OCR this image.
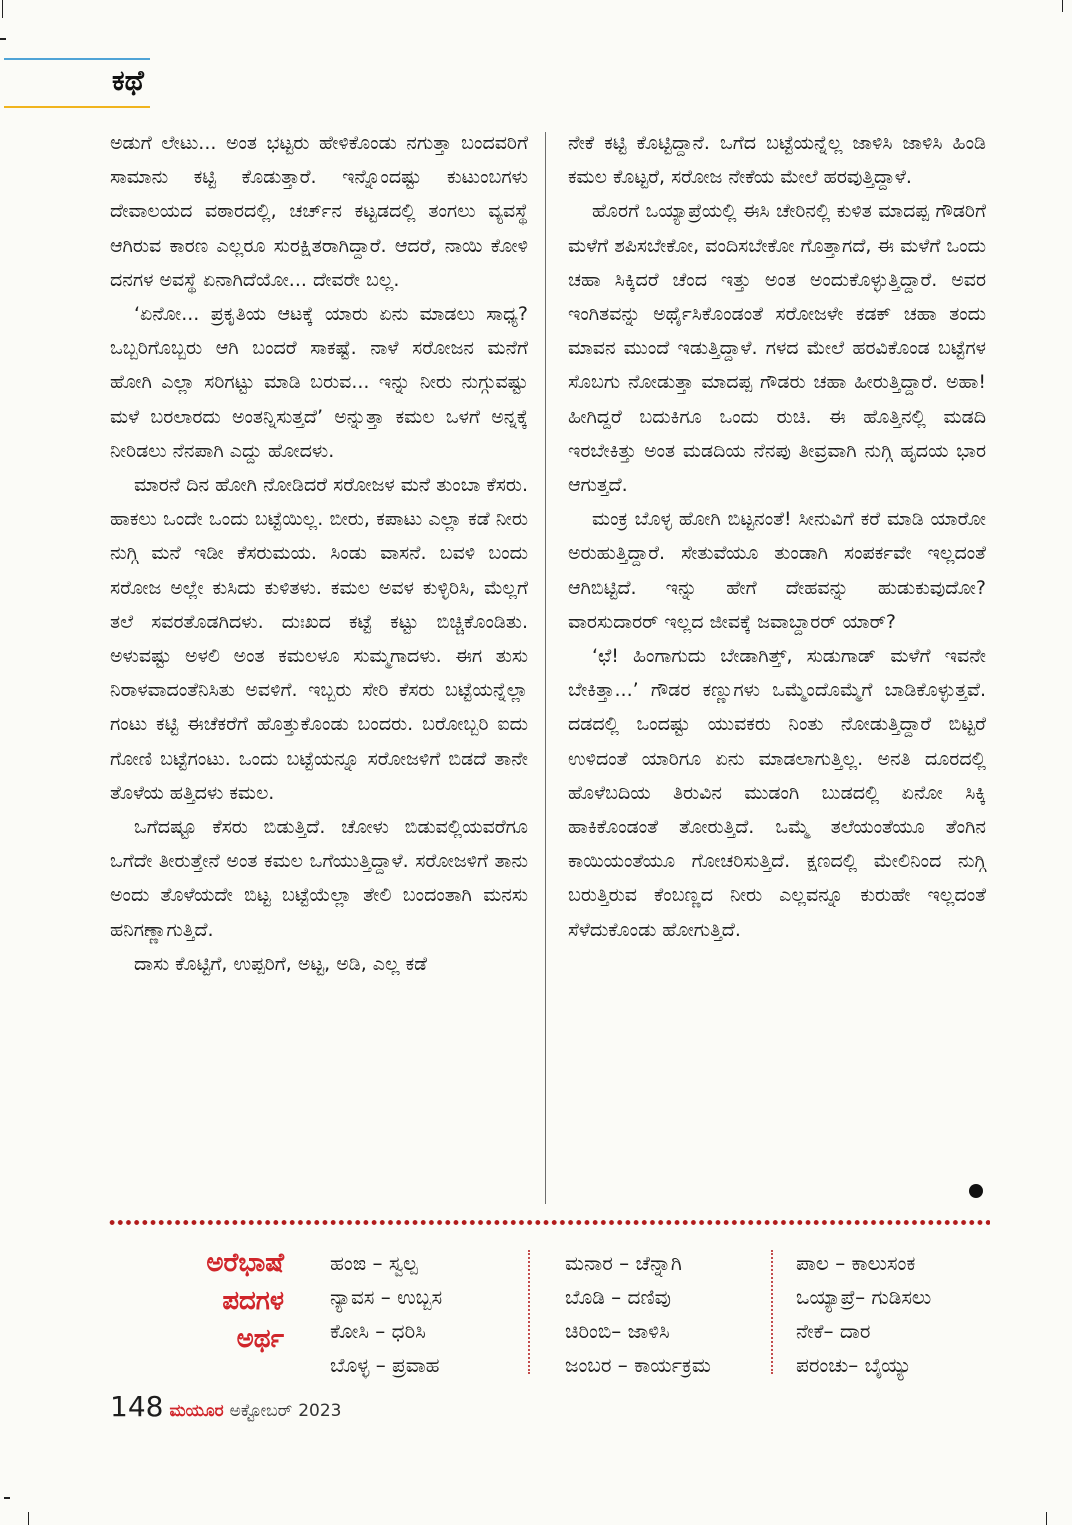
ಕಥೆ

ಅಡುಗೆ ಲೇಟು... ಅಂತ ಭಟ್ಟರು ಹೇಳಿಕೊಂಡು ನಗುತ್ತಾ ಬಂದವರಿಗೆ ಸಾಮಾನು ಕಟ್ಟಿ ಕೊಡುತ್ತಾರೆ. ಇನ್ನೊಂದಷ್ಟು ಕುಟುಂಬಗಳು ದೇವಾಲಯದ ವಠಾರದಲ್ಲಿ, ಚರ್ಚ್‌ನ ಕಟ್ಟಡದಲ್ಲಿ ತಂಗಲು ವ್ಯವಸ್ಥೆ ಆಗಿರುವ ಕಾರಣ ಎಲ್ಲರೂ ಸುರಕ್ಷಿತರಾಗಿದ್ದಾರೆ. ಆದರೆ, ನಾಯಿ ಕೋಳಿ ದನಗಳ ಅವಸ್ಥೆ ಏನಾಗಿದೆಯೋ... ದೇವರೇ ಬಲ್ಲ.

‘ಏನೋ... ಪ್ರಕೃತಿಯ ಆಟಕ್ಕೆ ಯಾರು ಏನು ಮಾಡಲು ಸಾಧ್ಯ? ಒಬ್ಬರಿಗೊಬ್ಬರು ಆಗಿ ಬಂದರೆ ಸಾಕಷ್ಟೆ. ನಾಳೆ ಸರೋಜನ ಮನೆಗೆ ಹೋಗಿ ಎಲ್ಲಾ ಸರಿಗಟ್ಟು ಮಾಡಿ ಬರುವ... ಇನ್ನು ನೀರು ನುಗ್ಗುವಷ್ಟು ಮಳೆ ಬರಲಾರದು ಅಂತನ್ನಿಸುತ್ತದೆ’ ಅನ್ನುತ್ತಾ ಕಮಲ ಒಳಗೆ ಅನ್ನಕ್ಕೆ ನೀರಿಡಲು ನೆನಪಾಗಿ ಎದ್ದು ಹೋದಳು.

ಮಾರನೆ ದಿನ ಹೋಗಿ ನೋಡಿದರೆ ಸರೋಜಳ ಮನೆ ತುಂಬಾ ಕೆಸರು. ಹಾಕಲು ಒಂದೇ ಒಂದು ಬಟ್ಟೆಯಿಲ್ಲ. ಬೀರು, ಕಪಾಟು ಎಲ್ಲಾ ಕಡೆ ನೀರು ನುಗ್ಗಿ ಮನೆ ಇಡೀ ಕೆಸರುಮಯ. ಸಿಂಡು ವಾಸನೆ. ಬವಳಿ ಬಂದು ಸರೋಜ ಅಲ್ಲೇ ಕುಸಿದು ಕುಳಿತಳು. ಕಮಲ ಅವಳ ಕುಳ್ಳಿರಿಸಿ, ಮೆಲ್ಲಗೆ ತಲೆ ಸವರತೊಡಗಿದಳು. ದುಃಖದ ಕಟ್ಟೆ ಕಟ್ಟು ಬಿಚ್ಚಿಕೊಂಡಿತು. ಅಳುವಷ್ಟು ಅಳಲಿ ಅಂತ ಕಮಲಳೂ ಸುಮ್ಮಗಾದಳು. ಈಗ ತುಸು ನಿರಾಳವಾದಂತೆನಿಸಿತು ಅವಳಿಗೆ. ಇಬ್ಬರು ಸೇರಿ ಕೆಸರು ಬಟ್ಟೆಯನ್ನೆಲ್ಲಾ ಗಂಟು ಕಟ್ಟಿ ಈಚೆಕರೆಗೆ ಹೊತ್ತುಕೊಂಡು ಬಂದರು. ಬರೋಬ್ಬರಿ ಐದು ಗೋಣಿ ಬಟ್ಟೆಗಂಟು. ಒಂದು ಬಟ್ಟೆಯನ್ನೂ ಸರೋಜಳಿಗೆ ಬಿಡದೆ ತಾನೇ ತೊಳೆಯ ಹತ್ತಿದಳು ಕಮಲ.

ಒಗೆದಷ್ಟೂ ಕೆಸರು ಬಿಡುತ್ತಿದೆ. ಚೋಳು ಬಿಡುವಲ್ಲಿಯವರೆಗೂ ಒಗೆದೇ ತೀರುತ್ತೇನೆ ಅಂತ ಕಮಲ ಒಗೆಯುತ್ತಿದ್ದಾಳೆ. ಸರೋಜಳಿಗೆ ತಾನು ಅಂದು ತೊಳೆಯದೇ ಬಿಟ್ಟ ಬಟ್ಟೆಯೆಲ್ಲಾ ತೇಲಿ ಬಂದಂತಾಗಿ ಮನಸು ಹನಿಗಣ್ಣಾಗುತ್ತಿದೆ.

ದಾಸು ಕೊಟ್ಟಿಗೆ, ಉಪ್ಪರಿಗೆ, ಅಟ್ಟ, ಅಡಿ, ಎಲ್ಲ ಕಡೆ

ನೇಕೆ ಕಟ್ಟಿ ಕೊಟ್ಟಿದ್ದಾನೆ. ಒಗೆದ ಬಟ್ಟೆಯನ್ನೆಲ್ಲ ಜಾಳಿಸಿ ಜಾಳಿಸಿ ಹಿಂಡಿ ಕಮಲ ಕೊಟ್ಟರೆ, ಸರೋಜ ನೇಕೆಯ ಮೇಲೆ ಹರವುತ್ತಿದ್ದಾಳೆ.

ಹೊರಗೆ ಒಯ್ಯಾಪ್ರೆಯಲ್ಲಿ ಈಸಿ ಚೇರಿನಲ್ಲಿ ಕುಳಿತ ಮಾದಪ್ಪ ಗೌಡರಿಗೆ ಮಳೆಗೆ ಶಪಿಸಬೇಕೋ, ವಂದಿಸಬೇಕೋ ಗೊತ್ತಾಗದೆ, ಈ ಮಳೆಗೆ ಒಂದು ಚಹಾ ಸಿಕ್ಕಿದರೆ ಚೆಂದ ಇತ್ತು ಅಂತ ಅಂದುಕೊಳ್ಳುತ್ತಿದ್ದಾರೆ. ಅವರ ಇಂಗಿತವನ್ನು ಅರ್ಥೈಸಿಕೊಂಡಂತೆ ಸರೋಜಳೇ ಕಡಕ್ ಚಹಾ ತಂದು ಮಾವನ ಮುಂದೆ ಇಡುತ್ತಿದ್ದಾಳೆ. ಗಳದ ಮೇಲೆ ಹರವಿಕೊಂಡ ಬಟ್ಟೆಗಳ ಸೊಬಗು ನೋಡುತ್ತಾ ಮಾದಪ್ಪ ಗೌಡರು ಚಹಾ ಹೀರುತ್ತಿದ್ದಾರೆ. ಅಹಾ! ಹೀಗಿದ್ದರೆ ಬದುಕಿಗೂ ಒಂದು ರುಚಿ. ಈ ಹೊತ್ತಿನಲ್ಲಿ ಮಡದಿ ಇರಬೇಕಿತ್ತು ಅಂತ ಮಡದಿಯ ನೆನಪು ತೀವ್ರವಾಗಿ ನುಗ್ಗಿ ಹೃದಯ ಭಾರ ಆಗುತ್ತದೆ.

ಮಂಕ್ರ ಬೊಳ್ಳ ಹೋಗಿ ಬಿಟ್ಟನಂತೆ! ಸೀನುವಿಗೆ ಕರೆ ಮಾಡಿ ಯಾರೋ ಅರುಹುತ್ತಿದ್ದಾರೆ. ಸೇತುವೆಯೂ ತುಂಡಾಗಿ ಸಂಪರ್ಕವೇ ಇಲ್ಲದಂತೆ ಆಗಿಬಿಟ್ಟಿದೆ. ಇನ್ನು ಹೇಗೆ ದೇಹವನ್ನು ಹುಡುಕುವುದೋ? ವಾರಸುದಾರರ್ ಇಲ್ಲದ ಜೀವಕ್ಕೆ ಜವಾಬ್ದಾರರ್ ಯಾರ್?

‘ಛೆ! ಹಿಂಗಾಗುದು ಬೇಡಾಗಿತ್ತ್, ಸುಡುಗಾಡ್ ಮಳೆಗೆ ಇವನೇ ಬೇಕಿತ್ತಾ...’ ಗೌಡರ ಕಣ್ಣುಗಳು ಒಮ್ಮೆಂದೊಮ್ಮೆಗೆ ಬಾಡಿಕೊಳ್ಳುತ್ತವೆ. ದಡದಲ್ಲಿ ಒಂದಷ್ಟು ಯುವಕರು ನಿಂತು ನೋಡುತ್ತಿದ್ದಾರೆ ಬಿಟ್ಟರೆ ಉಳಿದಂತೆ ಯಾರಿಗೂ ಏನು ಮಾಡಲಾಗುತ್ತಿಲ್ಲ. ಅನತಿ ದೂರದಲ್ಲಿ ಹೊಳೆಬದಿಯ ತಿರುವಿನ ಮುಡಂಗಿ ಬುಡದಲ್ಲಿ ಏನೋ ಸಿಕ್ಕಿ ಹಾಕಿಕೊಂಡಂತೆ ತೋರುತ್ತಿದೆ. ಒಮ್ಮೆ ತಲೆಯಂತೆಯೂ ತೆಂಗಿನ ಕಾಯಿಯಂತೆಯೂ ಗೋಚರಿಸುತ್ತಿದೆ. ಕ್ಷಣದಲ್ಲಿ ಮೇಲಿನಿಂದ ನುಗ್ಗಿ ಬರುತ್ತಿರುವ ಕೆಂಬಣ್ಣದ ನೀರು ಎಲ್ಲವನ್ನೂ ಕುರುಹೇ ಇಲ್ಲದಂತೆ ಸೆಳೆದುಕೊಂಡು ಹೋಗುತ್ತಿದೆ.

ಅರೆಭಾಷೆ
ಪದಗಳ
ಅರ್ಥ
ಹಂಙ – ಸ್ವಲ್ಪ
ನ್ಯಾವಸ – ಉಬ್ಬಸ
ಕೋಸಿ – ಧರಿಸಿ
ಬೊಳ್ಳ – ಪ್ರವಾಹ
ಮನಾರ – ಚೆನ್ನಾಗಿ
ಬೊಡಿ – ದಣಿವು
ಚಿರಿಂಬಿ– ಜಾಳಿಸಿ
ಜಂಬರ – ಕಾರ್ಯಕ್ರಮ
ಪಾಲ – ಕಾಲುಸಂಕ
ಒಯ್ಯಾಪ್ರೆ– ಗುಡಿಸಲು
ನೇಕೆ– ದಾರ
ಪರಂಚು– ಬೈಯ್ಯು
148 ಮಯೂರ ಅಕ್ಟೋಬರ್ 2023
